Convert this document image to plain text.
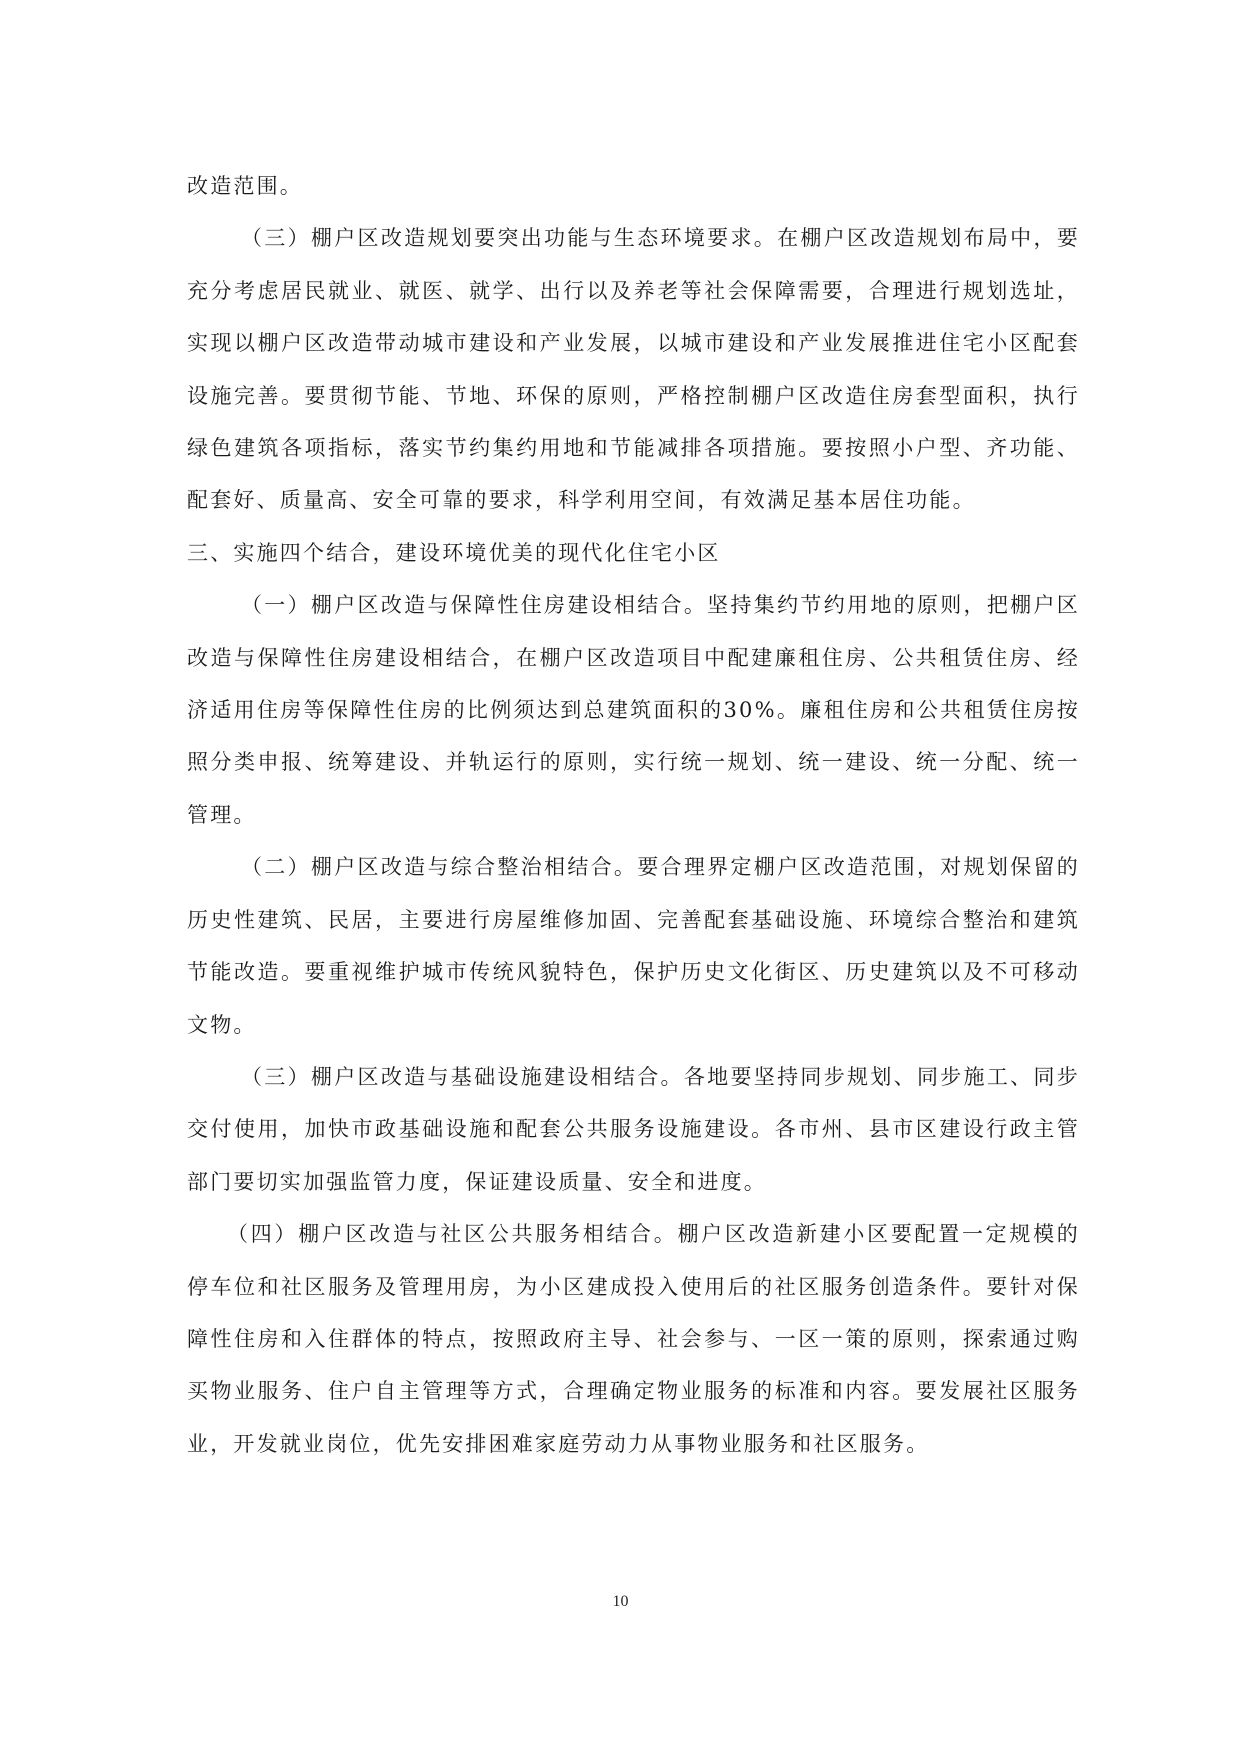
改造范围。

（三）棚户区改造规划要突出功能与生态环境要求。在棚户区改造规划布局中，要充分考虑居民就业、就医、就学、出行以及养老等社会保障需要，合理进行规划选址，实现以棚户区改造带动城市建设和产业发展，以城市建设和产业发展推进住宅小区配套设施完善。要贯彻节能、节地、环保的原则，严格控制棚户区改造住房套型面积，执行绿色建筑各项指标，落实节约集约用地和节能减排各项措施。要按照小户型、齐功能、配套好、质量高、安全可靠的要求，科学利用空间，有效满足基本居住功能。

三、实施四个结合，建设环境优美的现代化住宅小区

（一）棚户区改造与保障性住房建设相结合。坚持集约节约用地的原则，把棚户区改造与保障性住房建设相结合，在棚户区改造项目中配建廉租住房、公共租赁住房、经济适用住房等保障性住房的比例须达到总建筑面积的30%。廉租住房和公共租赁住房按照分类申报、统筹建设、并轨运行的原则，实行统一规划、统一建设、统一分配、统一管理。

（二）棚户区改造与综合整治相结合。要合理界定棚户区改造范围，对规划保留的历史性建筑、民居，主要进行房屋维修加固、完善配套基础设施、环境综合整治和建筑节能改造。要重视维护城市传统风貌特色，保护历史文化街区、历史建筑以及不可移动文物。

（三）棚户区改造与基础设施建设相结合。各地要坚持同步规划、同步施工、同步交付使用，加快市政基础设施和配套公共服务设施建设。各市州、县市区建设行政主管部门要切实加强监管力度，保证建设质量、安全和进度。

（四）棚户区改造与社区公共服务相结合。棚户区改造新建小区要配置一定规模的停车位和社区服务及管理用房，为小区建成投入使用后的社区服务创造条件。要针对保障性住房和入住群体的特点，按照政府主导、社会参与、一区一策的原则，探索通过购买物业服务、住户自主管理等方式，合理确定物业服务的标准和内容。要发展社区服务业，开发就业岗位，优先安排困难家庭劳动力从事物业服务和社区服务。

10
